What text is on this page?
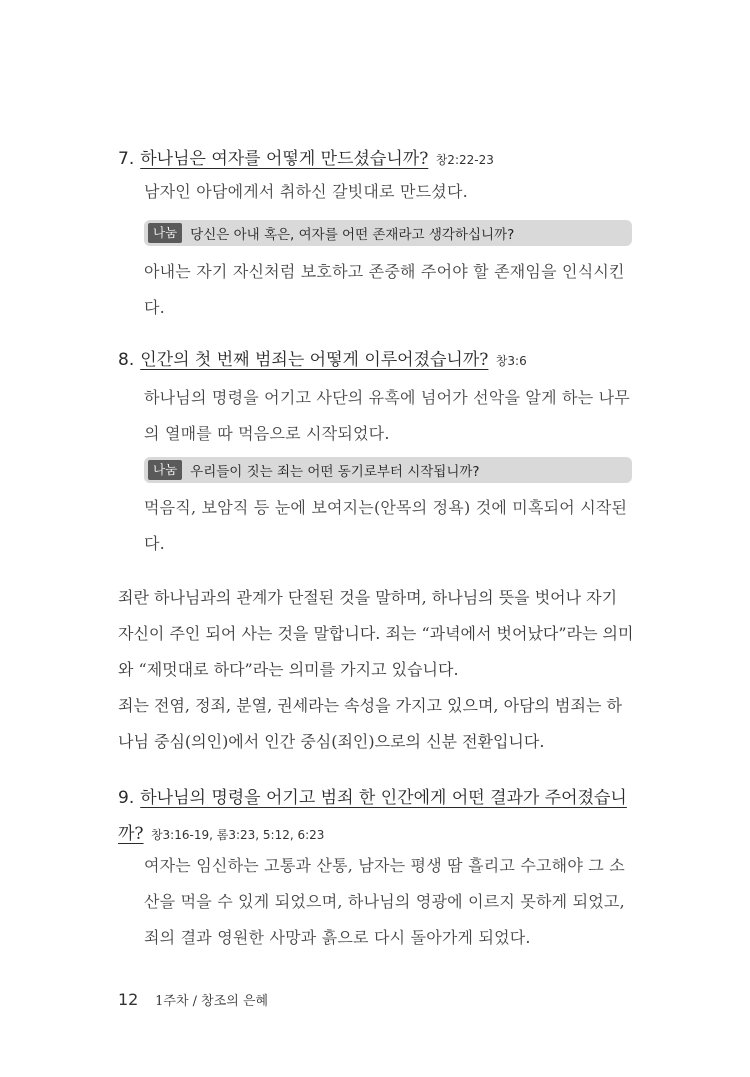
7. 하나님은 여자를 어떻게 만드셨습니까? 창2:22-23
남자인 아담에게서 취하신 갈빗대로 만드셨다.
나눔 당신은 아내 혹은, 여자를 어떤 존재라고 생각하십니까?
아내는 자기 자신처럼 보호하고 존중해 주어야 할 존재임을 인식시킨다.
8. 인간의 첫 번째 범죄는 어떻게 이루어졌습니까? 창3:6
하나님의 명령을 어기고 사단의 유혹에 넘어가 선악을 알게 하는 나무의 열매를 따 먹음으로 시작되었다.
나눔 우리들이 짓는 죄는 어떤 동기로부터 시작됩니까?
먹음직, 보암직 등 눈에 보여지는(안목의 정욕) 것에 미혹되어 시작된다.
죄란 하나님과의 관계가 단절된 것을 말하며, 하나님의 뜻을 벗어나 자기 자신이 주인 되어 사는 것을 말합니다. 죄는 “과녁에서 벗어났다”라는 의미와 “제멋대로 하다”라는 의미를 가지고 있습니다.
죄는 전염, 정죄, 분열, 권세라는 속성을 가지고 있으며, 아담의 범죄는 하나님 중심(의인)에서 인간 중심(죄인)으로의 신분 전환입니다.
9. 하나님의 명령을 어기고 범죄 한 인간에게 어떤 결과가 주어졌습니까? 창3:16-19, 롬3:23, 5:12, 6:23
여자는 임신하는 고통과 산통, 남자는 평생 땀 흘리고 수고해야 그 소산을 먹을 수 있게 되었으며, 하나님의 영광에 이르지 못하게 되었고, 죄의 결과 영원한 사망과 흙으로 다시 돌아가게 되었다.
12 1주차 / 창조의 은혜
